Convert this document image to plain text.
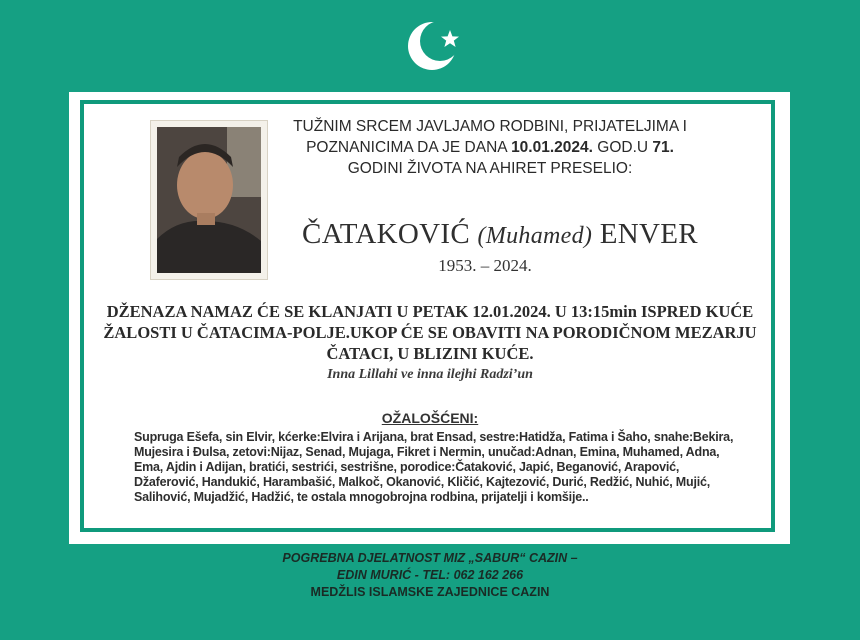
TUŽNIM SRCEM JAVLJAMO RODBINI, PRIJATELJIMA I POZNANICIMA DA JE DANA 10.01.2024. GOD.U 71. GODINI ŽIVOTA NA AHIRET PRESELIO:
ČATAKOVIĆ (Muhamed) ENVER
1953. – 2024.
DŽENAZA NAMAZ ĆE SE KLANJATI U PETAK 12.01.2024. U 13:15min ISPRED KUĆE ŽALOSTI U ČATACIMA-POLJE.UKOP ĆE SE OBAVITI NA PORODIČNOM MEZARJU ČATACI, U BLIZINI KUĆE.
Inna Lillahi ve inna ilejhi Radzi’un
OŽALOŠĆENI:
Supruga Ešefa, sin Elvir, kćerke:Elvira i Arijana, brat Ensad, sestre:Hatidža, Fatima i Šaho, snahe:Bekira, Mujesira i Đulsa, zetovi:Nijaz, Senad, Mujaga, Fikret i Nermin, unučad:Adnan, Emina, Muhamed, Adna, Ema, Ajdin i Adijan, bratići, sestrići, sestrišne, porodice:Čataković, Japić, Beganović, Arapović, Džaferović, Handukić, Harambašić, Malkoč, Okanović, Kličić, Kajtezović, Durić, Redžić, Nuhić, Mujić, Salihović, Mujadžić, Hadžić, te ostala mnogobrojna rodbina, prijatelji i komšije..
POGREBNA DJELATNOST MIZ „SABUR“ CAZIN –
EDIN MURIĆ - TEL: 062 162 266
MEDŽLIS ISLAMSKE ZAJEDNICE CAZIN
